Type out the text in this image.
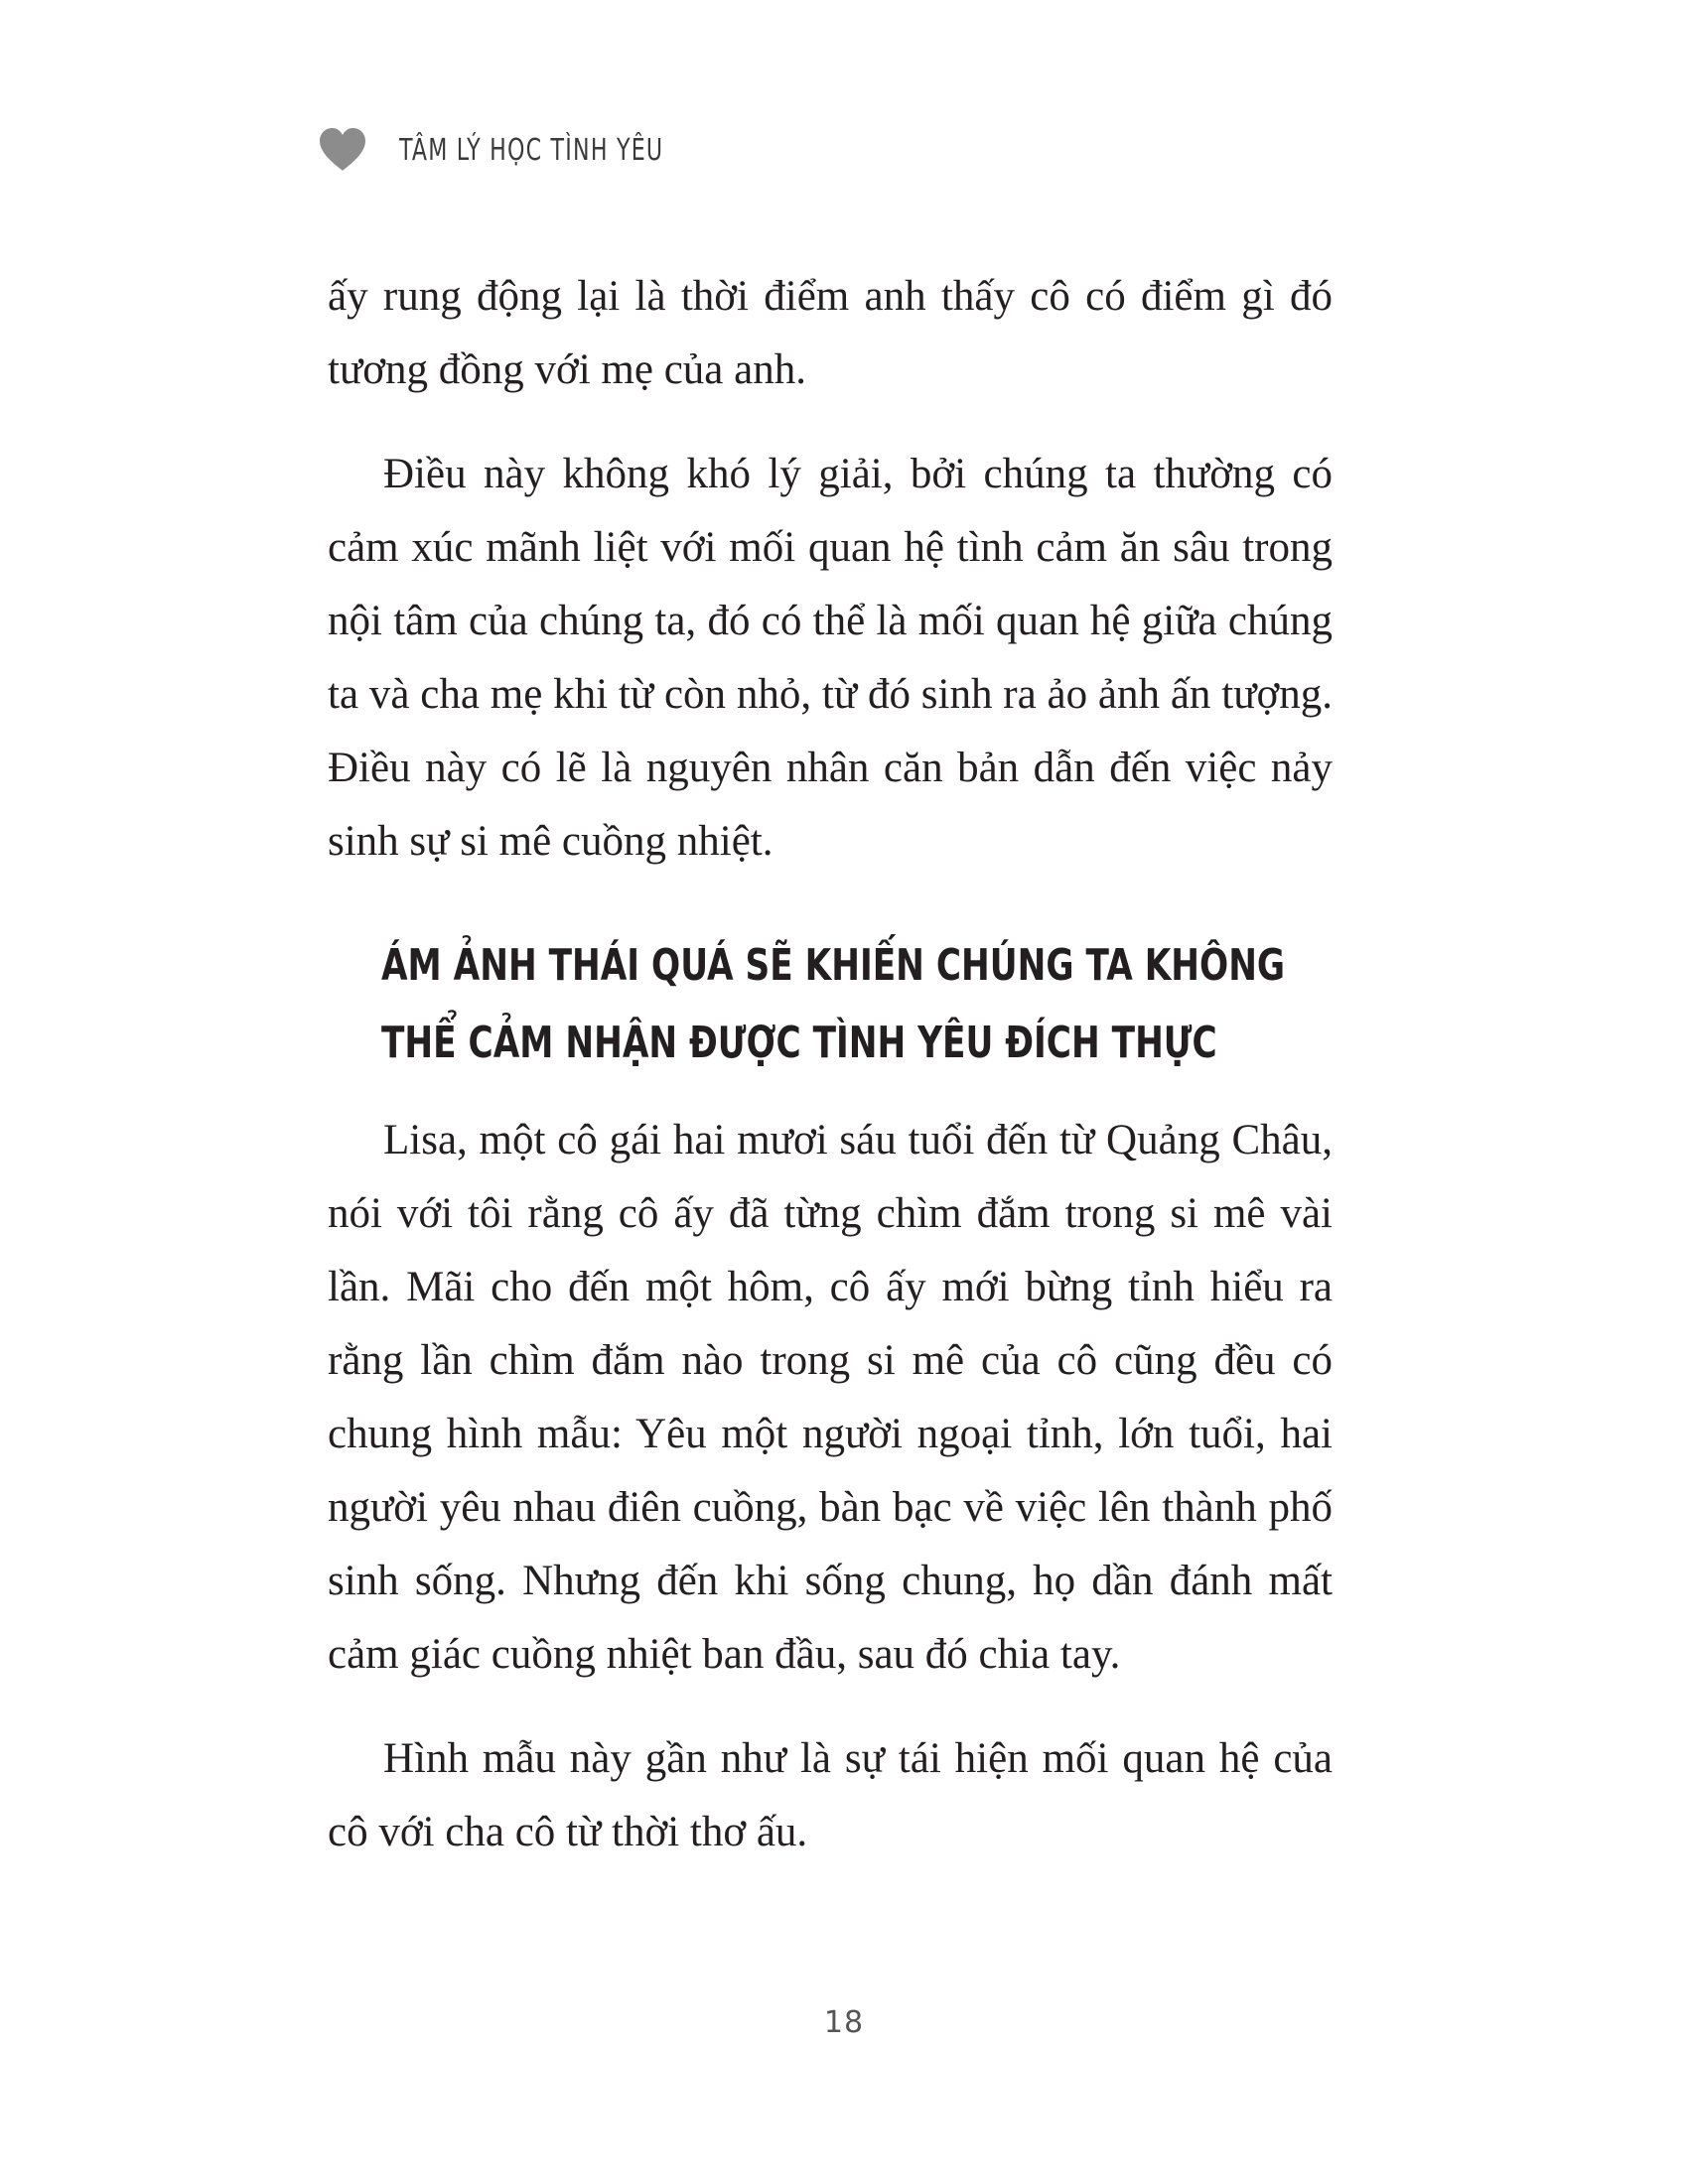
TÂM LÝ HỌC TÌNH YÊU

ấy rung động lại là thời điểm anh thấy cô có điểm gì đó tương đồng với mẹ của anh.

Điều này không khó lý giải, bởi chúng ta thường có cảm xúc mãnh liệt với mối quan hệ tình cảm ăn sâu trong nội tâm của chúng ta, đó có thể là mối quan hệ giữa chúng ta và cha mẹ khi từ còn nhỏ, từ đó sinh ra ảo ảnh ấn tượng. Điều này có lẽ là nguyên nhân căn bản dẫn đến việc nảy sinh sự si mê cuồng nhiệt.

ÁM ẢNH THÁI QUÁ SẼ KHIẾN CHÚNG TA KHÔNG
THỂ CẢM NHẬN ĐƯỢC TÌNH YÊU ĐÍCH THỰC

Lisa, một cô gái hai mươi sáu tuổi đến từ Quảng Châu, nói với tôi rằng cô ấy đã từng chìm đắm trong si mê vài lần. Mãi cho đến một hôm, cô ấy mới bừng tỉnh hiểu ra rằng lần chìm đắm nào trong si mê của cô cũng đều có chung hình mẫu: Yêu một người ngoại tỉnh, lớn tuổi, hai người yêu nhau điên cuồng, bàn bạc về việc lên thành phố sinh sống. Nhưng đến khi sống chung, họ dần đánh mất cảm giác cuồng nhiệt ban đầu, sau đó chia tay.

Hình mẫu này gần như là sự tái hiện mối quan hệ của cô với cha cô từ thời thơ ấu.

18
